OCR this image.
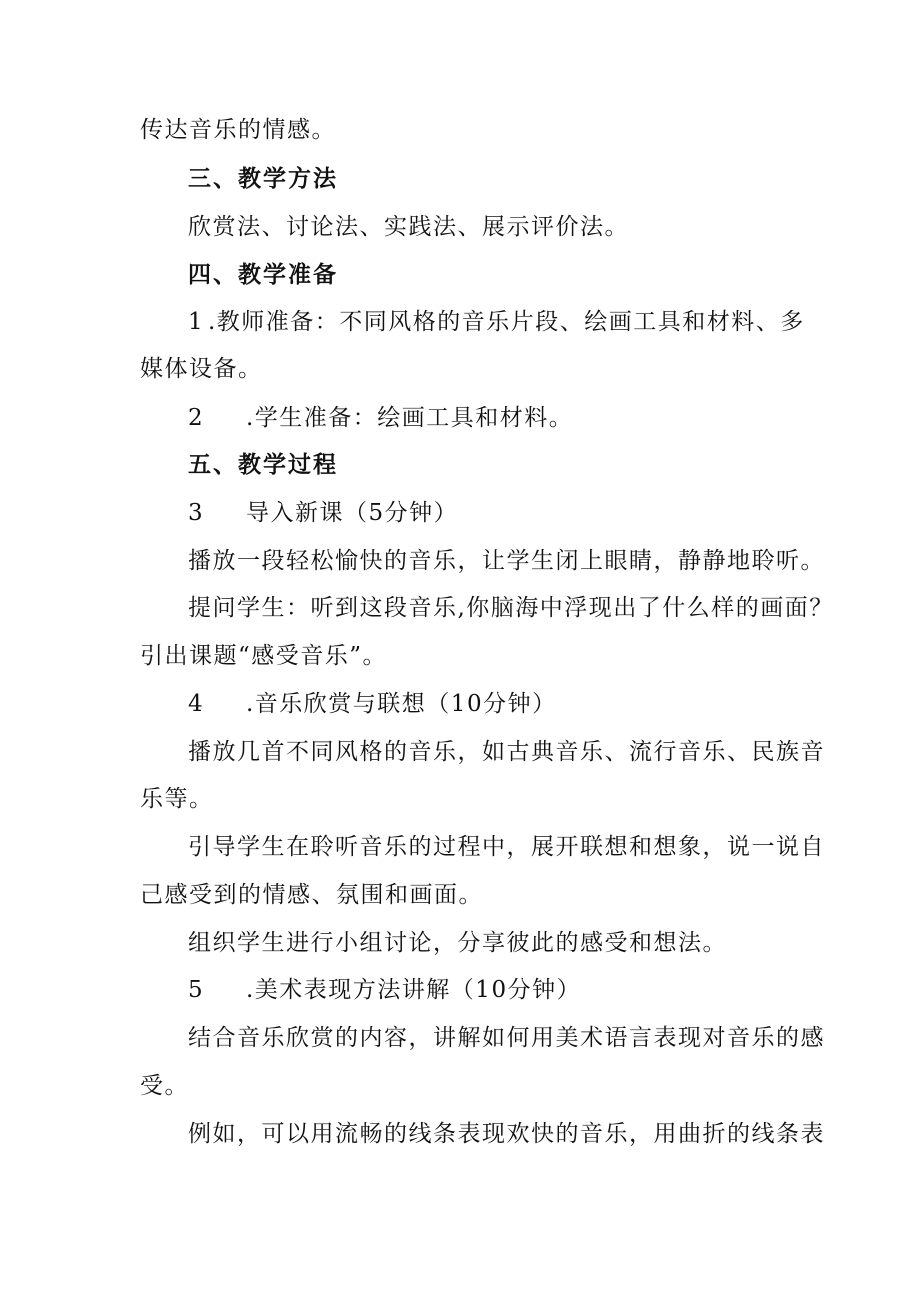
传达音乐的情感。
三、教学方法
欣赏法、讨论法、实践法、展示评价法。
四、教学准备
1 .教师准备：不同风格的音乐片段、绘画工具和材料、多
媒体设备。
2 .学生准备：绘画工具和材料。
五、教学过程
3 导入新课（5分钟）
播放一段轻松愉快的音乐，让学生闭上眼睛，静静地聆听。
提问学生：听到这段音乐,你脑海中浮现出了什么样的画面？
引出课题“感受音乐”。
4 .音乐欣赏与联想（10分钟）
播放几首不同风格的音乐，如古典音乐、流行音乐、民族音
乐等。
引导学生在聆听音乐的过程中，展开联想和想象，说一说自
己感受到的情感、氛围和画面。
组织学生进行小组讨论，分享彼此的感受和想法。
5 .美术表现方法讲解（10分钟）
结合音乐欣赏的内容，讲解如何用美术语言表现对音乐的感
受。
例如，可以用流畅的线条表现欢快的音乐，用曲折的线条表
